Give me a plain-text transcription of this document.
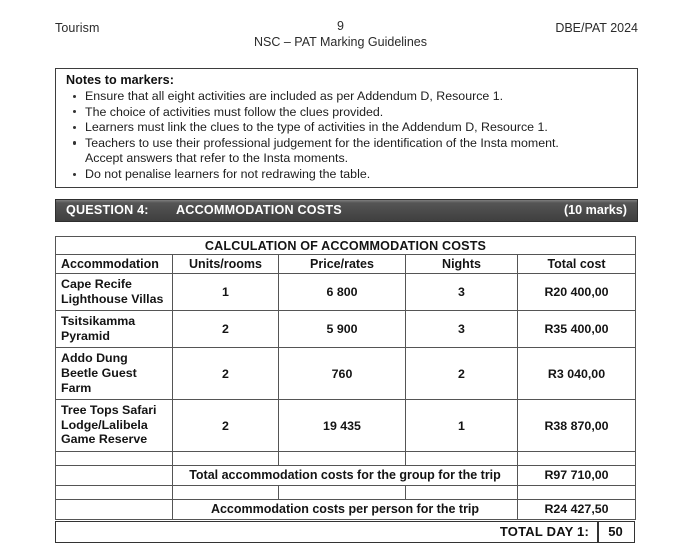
Tourism	9
NSC – PAT Marking Guidelines
DBE/PAT 2024
Notes to markers:
Ensure that all eight activities are included as per Addendum D, Resource 1.
The choice of activities must follow the clues provided.
Learners must link the clues to the type of activities in the Addendum D, Resource 1.
Teachers to use their professional judgement for the identification of the Insta moment.
Accept answers that refer to the Insta moments.
Do not penalise learners for not redrawing the table.
QUESTION 4: ACCOMMODATION COSTS	(10 marks)
CALCULATION OF ACCOMMODATION COSTS				
Accommodation	Units/rooms	Price/rates	Nights	Total cost
Cape Recife Lighthouse Villas	1	6 800	3	R20 400,00
Tsitsikamma Pyramid	2	5 900	3	R35 400,00
Addo Dung Beetle Guest Farm	2	760	2	R3 040,00
Tree Tops Safari Lodge/Lalibela Game Reserve	2	19 435	1	R38 870,00

	Total accommodation costs for the group for the trip			R97 710,00

	Accommodation costs per person for the trip			R24 427,50
TOTAL DAY 1:	50
